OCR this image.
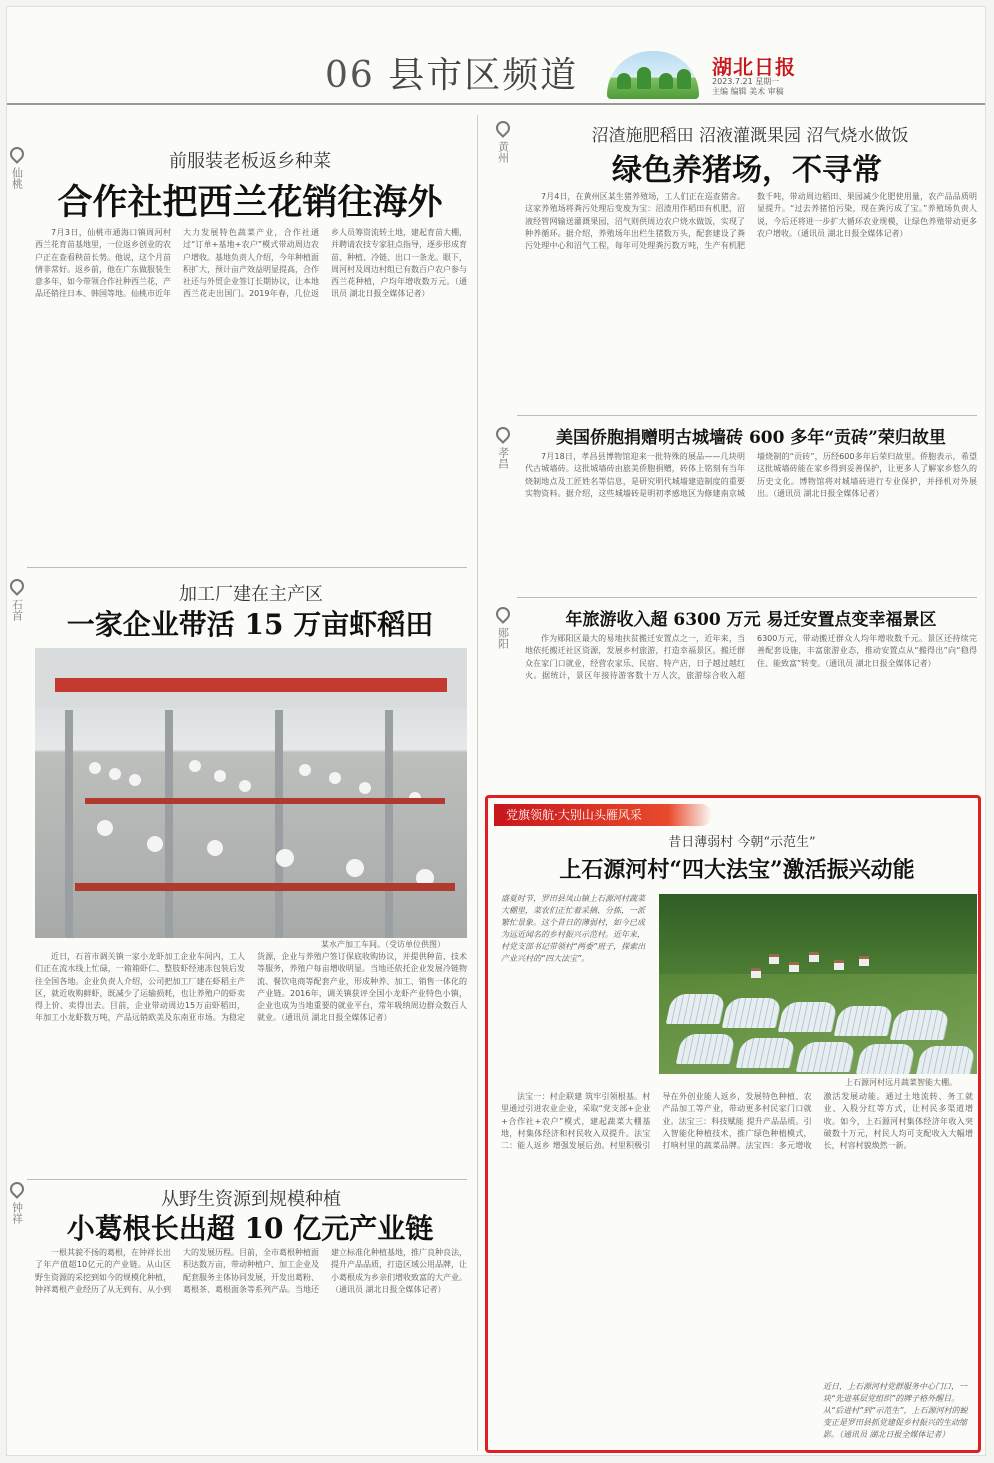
06 县市区频道	湖北日报
2023.7.21 星期一
主编 编辑 美术 审稿
仙桃
石首
钟祥
黄州
孝昌
郧阳
前服装老板返乡种菜
合作社把西兰花销往海外

7月3日，仙桃市通海口镇周河村西兰花育苗基地里，一位返乡创业的农户正在查看秧苗长势。他说，这个月苗情非常好。返乡前，他在广东做服装生意多年，如今带领合作社种西兰花，产品还销往日本、韩国等地。仙桃市近年大力发展特色蔬菜产业，合作社通过“订单+基地+农户”模式带动周边农户增收。基地负责人介绍，今年种植面积扩大，预计亩产效益明显提高，合作社还与外贸企业签订长期协议，让本地西兰花走出国门。2019年春，几位返乡人员筹资流转土地，建起育苗大棚，并聘请农技专家驻点指导，逐步形成育苗、种植、冷链、出口一条龙。眼下，周河村及周边村组已有数百户农户参与西兰花种植，户均年增收数万元。（通讯员 湖北日报全媒体记者）

加工厂建在主产区
一家企业带活 15 万亩虾稻田
某水产加工车间。（受访单位供图）

近日，石首市调关镇一家小龙虾加工企业车间内，工人们正在流水线上忙碌，一箱箱虾仁、整肢虾经速冻包装后发往全国各地。企业负责人介绍，公司把加工厂建在虾稻主产区，就近收购鲜虾，既减少了运输损耗，也让养殖户的虾卖得上价、卖得出去。目前，企业带动周边15万亩虾稻田，年加工小龙虾数万吨，产品远销欧美及东南亚市场。为稳定货源，企业与养殖户签订保底收购协议，并提供种苗、技术等服务，养殖户每亩增收明显。当地还依托企业发展冷链物流、餐饮电商等配套产业，形成种养、加工、销售一体化的产业链。2016年，调关镇获评全国小龙虾产业特色小镇，企业也成为当地重要的就业平台，常年吸纳周边群众数百人就业。（通讯员 湖北日报全媒体记者）

从野生资源到规模种植
小葛根长出超 10 亿元产业链

一根其貌不扬的葛根，在钟祥长出了年产值超10亿元的产业链。从山区野生资源的采挖到如今的规模化种植，钟祥葛根产业经历了从无到有、从小到大的发展历程。目前，全市葛根种植面积达数万亩，带动种植户、加工企业及配套服务主体协同发展，开发出葛粉、葛根茶、葛根面条等系列产品。当地还建立标准化种植基地，推广良种良法，提升产品品质，打造区域公用品牌，让小葛根成为乡亲们增收致富的大产业。（通讯员 湖北日报全媒体记者）

沼渣施肥稻田 沼液灌溉果园 沼气烧水做饭
绿色养猪场，不寻常

7月4日，在黄州区某生猪养殖场，工人们正在巡查猪舍。这家养殖场将粪污处理后变废为宝：沼渣用作稻田有机肥，沼液经管网输送灌溉果园，沼气则供周边农户烧水做饭，实现了种养循环。据介绍，养殖场年出栏生猪数万头，配套建设了粪污处理中心和沼气工程，每年可处理粪污数万吨，生产有机肥数千吨，带动周边稻田、果园减少化肥使用量，农产品品质明显提升。“过去养猪怕污染，现在粪污成了宝。”养殖场负责人说，今后还将进一步扩大循环农业规模，让绿色养殖带动更多农户增收。（通讯员 湖北日报全媒体记者）

美国侨胞捐赠明古城墙砖 600 多年“贡砖”荣归故里

7月18日，孝昌县博物馆迎来一批特殊的展品——几块明代古城墙砖。这批城墙砖由旅美侨胞捐赠，砖体上铭刻有当年烧制地点及工匠姓名等信息，是研究明代城墙建造制度的重要实物资料。据介绍，这些城墙砖是明初孝感地区为修建南京城墙烧制的“贡砖”，历经600多年后荣归故里。侨胞表示，希望这批城墙砖能在家乡得到妥善保护，让更多人了解家乡悠久的历史文化。博物馆将对城墙砖进行专业保护，并择机对外展出。（通讯员 湖北日报全媒体记者）

年旅游收入超 6300 万元 易迁安置点变幸福景区

作为郧阳区最大的易地扶贫搬迁安置点之一，近年来，当地依托搬迁社区资源，发展乡村旅游，打造幸福景区。搬迁群众在家门口就业，经营农家乐、民宿、特产店，日子越过越红火。据统计，景区年接待游客数十万人次，旅游综合收入超6300万元，带动搬迁群众人均年增收数千元。景区还持续完善配套设施，丰富旅游业态，推动安置点从“搬得出”向“稳得住、能致富”转变。（通讯员 湖北日报全媒体记者）

党旗领航·大别山头雁风采
昔日薄弱村 今朝“示范生”
上石源河村“四大法宝”激活振兴动能
盛夏时节，罗田县凤山镇上石源河村蔬菜大棚里，菜农们正忙着采摘、分拣，一派繁忙景象。这个昔日的薄弱村，如今已成为远近闻名的乡村振兴示范村。近年来，村党支部书记带领村“两委”班子，探索出产业兴村的“四大法宝”。
上石源河村远月蔬菜智能大棚。

法宝一：村企联建 筑牢引领根基。村里通过引进农业企业，采取“党支部+企业+合作社+农户”模式，建起蔬菜大棚基地，村集体经济和村民收入双提升。法宝二：能人返乡 增强发展后劲。村里积极引导在外创业能人返乡，发展特色种植、农产品加工等产业，带动更多村民家门口就业。法宝三：科技赋能 提升产品品质。引入智能化种植技术，推广绿色种植模式，打响村里的蔬菜品牌。法宝四：多元增收 激活发展动能。通过土地流转、务工就业、入股分红等方式，让村民多渠道增收。如今，上石源河村集体经济年收入突破数十万元，村民人均可支配收入大幅增长，村容村貌焕然一新。

近日，上石源河村党群服务中心门口，一块“先进基层党组织”的牌子格外醒目。从“后进村”到“示范生”，上石源河村的蜕变正是罗田县抓党建促乡村振兴的生动缩影。（通讯员 湖北日报全媒体记者）
